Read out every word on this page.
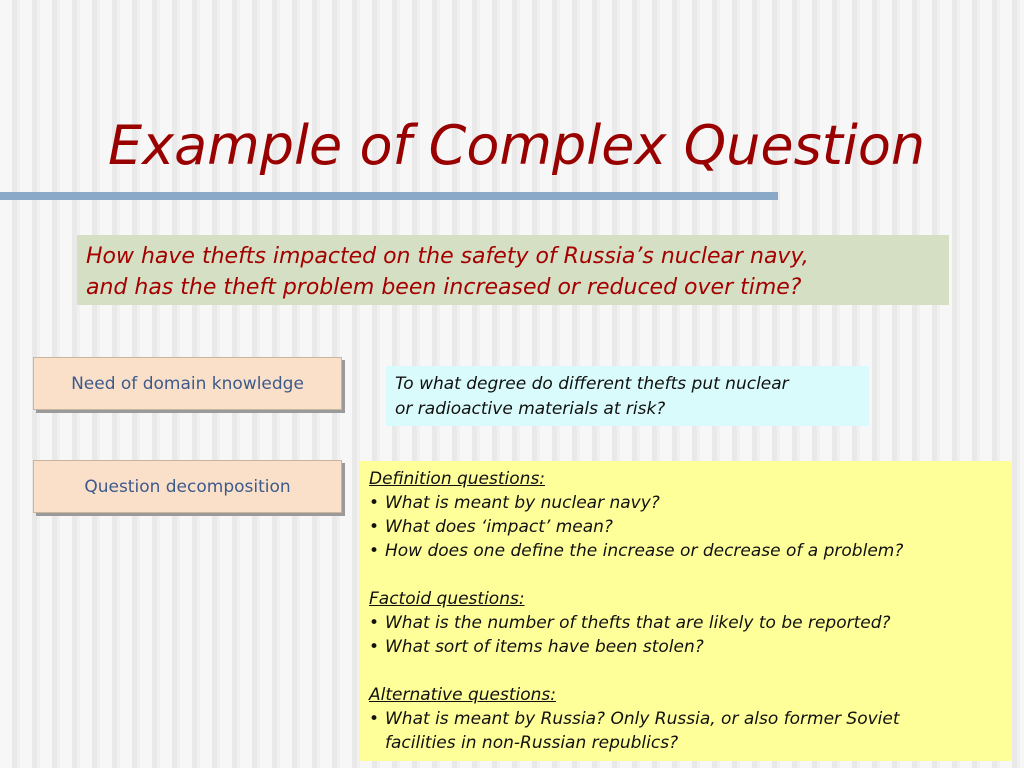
Example of Complex Question
How have thefts impacted on the safety of Russia’s nuclear navy,
and has the theft problem been increased or reduced over time?
Need of domain knowledge	To what degree do different thefts put nuclear
or radioactive materials at risk?
Question decomposition	Definition questions:
• What is meant by nuclear navy?
• What does ‘impact’ mean?
• How does one define the increase or decrease of a problem?
Factoid questions:
• What is the number of thefts that are likely to be reported?
• What sort of items have been stolen?
Alternative questions:
• What is meant by Russia? Only Russia, or also former Soviet
facilities in non-Russian republics?
